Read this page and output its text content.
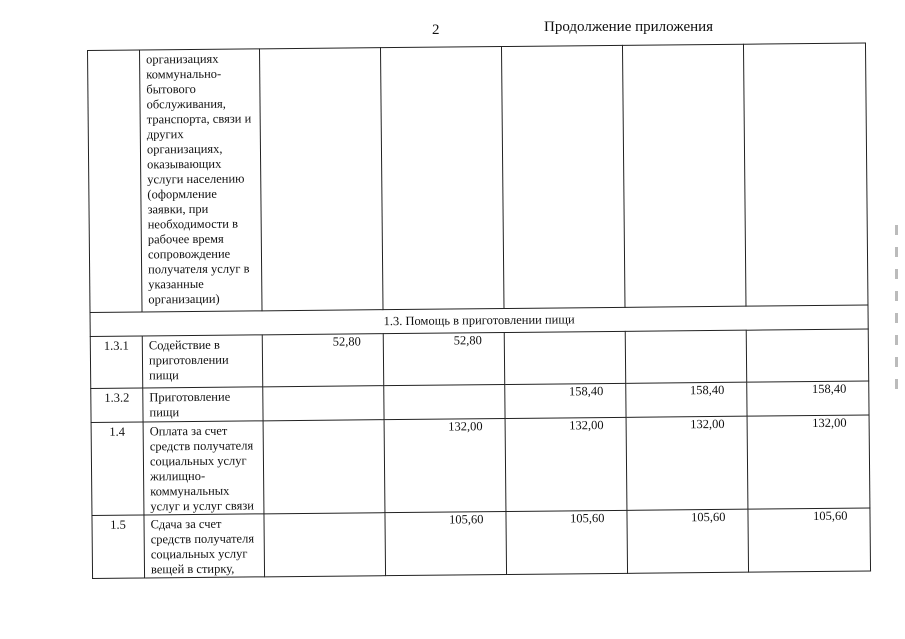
2	Продолжение приложения
	организациях коммунально-бытового обслуживания, транспорта, связи и других организациях, оказывающих услуги населению (оформление заявки, при необходимости в рабочее время сопровождение получателя услуг в указанные организации)	

1.3. Помощь в приготовлении пищи						
1.3.1	Содействие в приготовлении пищи	52,80	52,80			

1.3.2	Приготовление пищи			158,40	158,40	158,40

1.4	Оплата за счет средств получателя социальных услуг жилищно-коммунальных услуг и услуг связи		132,00	132,00	132,00	132,00

1.5	Сдача за счет средств получателя социальных услуг вещей в стирку,		105,60	105,60	105,60	105,60
